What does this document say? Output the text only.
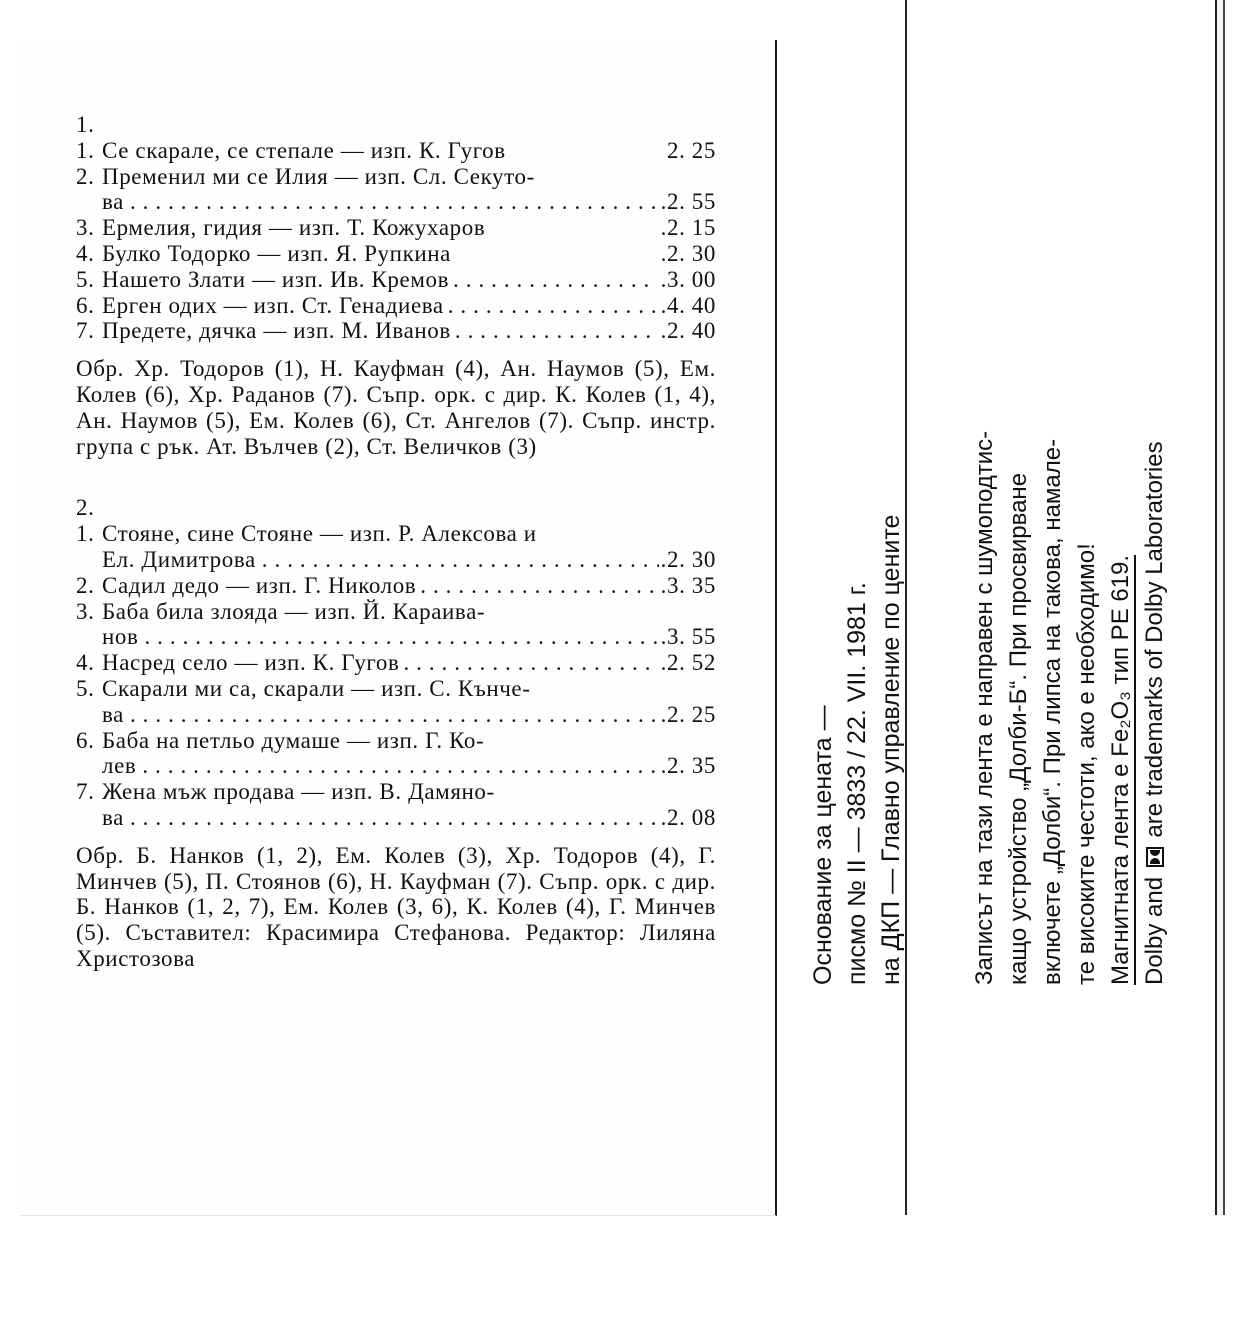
1.
1. Се скарале, се степале — изп. К. Гугов	2. 25
2. Пременил ми се Илия — изп. Сл. Секуто-
ва . . .	.2. 55
3. Ермелия, гидия — изп. Т. Кожухаров	.2. 15
4. Булко Тодорко — изп. Я. Рупкина	.2. 30
5. Нашето Злати — изп. Ив. Кремов . . .	.3. 00
6. Ерген одих — изп. Ст. Генадиева . . .	.4. 40
7. Предете, дячка — изп. М. Иванов . . .	.2. 40
Обр. Хр. Тодоров (1), Н. Кауфман (4), Ан. Наумов (5), Ем. Колев (6), Хр. Раданов (7). Съпр. орк. с дир. К. Колев (1, 4), Ан. Наумов (5), Ем. Колев (6), Ст. Ангелов (7). Съпр. инстр. група с рък. Ат. Вълчев (2), Ст. Величков (3)
2.
1. Стояне, сине Стояне — изп. Р. Алексова и
Ел. Димитрова . . .	.2. 30
2. Садил дедо — изп. Г. Николов . . .	.3. 35
3. Баба била злояда — изп. Й. Караива-
нов . . .	.3. 55
4. Насред село — изп. К. Гугов . . .	.2. 52
5. Скарали ми са, скарали — изп. С. Кънче-
ва . . .	.2. 25
6. Баба на петльо думаше — изп. Г. Ко-
лев . . .	.2. 35
7. Жена мъж продава — изп. В. Дамяно-
ва . . .	.2. 08
Обр. Б. Нанков (1, 2), Ем. Колев (3), Хр. Тодоров (4), Г. Минчев (5), П. Стоянов (6), Н. Кауфман (7). Съпр. орк. с дир. Б. Нанков (1, 2, 7), Ем. Колев (3, 6), К. Колев (4), Г. Минчев (5). Съставител: Красимира Стефанова. Редактор: Лиляна Христозова	Основание за цената — писмо № II — 3833 / 22. VII. 1981 г. на ДКП — Главно управление по цените	Записът на тази лента е направен с шумоподтис- кащо устройство „Долби-Б“. При просвирване включете „Долби“. При липса на такова, намале- те високите честоти, ако е необходимо! Магнитната лента е Fe₂O₃ тип PE 619. Dolby and  are trademarks of Dolby Laboratories
